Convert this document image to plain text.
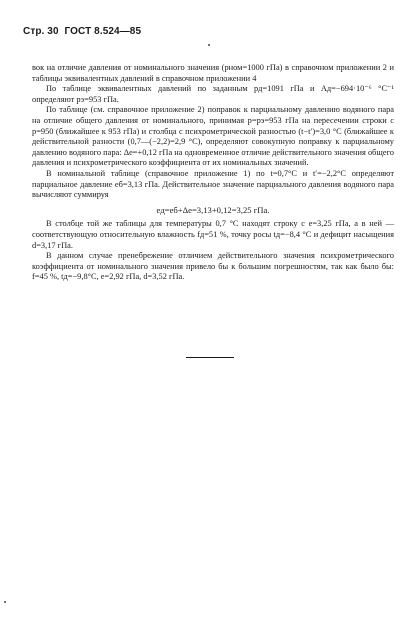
Стр. 30 ГОСТ 8.524—85

вок на отличие давления от номинального значения (pном=1000 гПа) в справочном приложении 2 и таблицы эквивалентных давлений в справочном приложении 4

По таблице эквивалентных давлений по заданным pд=1091 гПа и Aд=−694·10⁻⁶ °C⁻¹ определяют pэ=953 гПа.

По таблице (см. справочное приложение 2) поправок к парциальному давлению водяного пара на отличие общего давления от номинального, принимая p=pэ=953 гПа на пересечении строки с p=950 (ближайшее к 953 гПа) и столбца с психрометрической разностью (t−t′)=3,0 °C (ближайшее к действительной разности (0,7—(−2,2)=2,9 °C), определяют совокупную поправку к парциальному давлению водяного пара: Δe=+0,12 гПа на одновременное отличие действительного значения общего давления и психрометрического коэффициента от их номинальных значений.

В номинальной таблице (справочное приложение 1) по t=0,7°C и t′=−2,2°C определяют парциальное давление eб=3,13 гПа. Действительное значение парциального давления водяного пара вычисляют суммируя

eд=eб+Δe=3,13+0,12=3,25 гПа.

В столбце той же таблицы для температуры 0,7 °C находят строку с e=3,25 гПа, а в ней — соответствующую относительную влажность fд=51 %, точку росы tд=−8,4 °C и дефицит насыщения d=3,17 гПа.

В данном случае пренебрежение отличием действительного значения психрометрического коэффициента от номинального значения привело бы к большим погрешностям, так как было бы: f=45 %, tд=−9,8°C, e=2,92 гПа, d=3,52 гПа.
